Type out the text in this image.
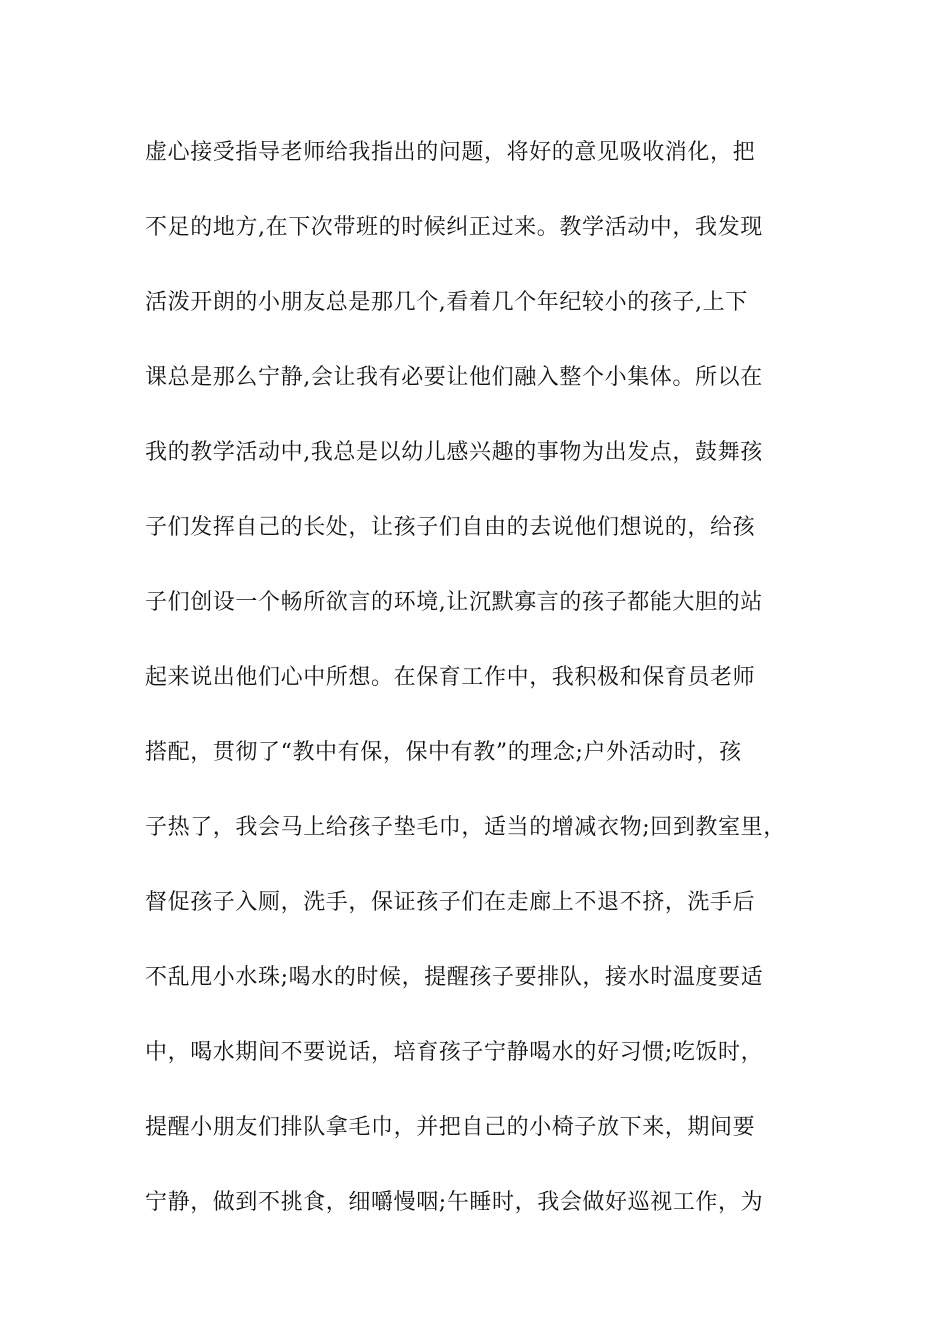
虚心接受指导老师给我指出的问题，将好的意见吸收消化，把
不足的地方,在下次带班的时候纠正过来。教学活动中，我发现
活泼开朗的小朋友总是那几个,看着几个年纪较小的孩子,上下
课总是那么宁静,会让我有必要让他们融入整个小集体。所以在
我的教学活动中,我总是以幼儿感兴趣的事物为出发点，鼓舞孩
子们发挥自己的长处，让孩子们自由的去说他们想说的，给孩
子们创设一个畅所欲言的环境,让沉默寡言的孩子都能大胆的站
起来说出他们心中所想。在保育工作中，我积极和保育员老师
搭配，贯彻了“教中有保，保中有教”的理念;户外活动时，孩
子热了，我会马上给孩子垫毛巾，适当的增减衣物;回到教室里，
督促孩子入厕，洗手，保证孩子们在走廊上不退不挤，洗手后
不乱甩小水珠;喝水的时候，提醒孩子要排队，接水时温度要适
中，喝水期间不要说话，培育孩子宁静喝水的好习惯;吃饭时，
提醒小朋友们排队拿毛巾，并把自己的小椅子放下来，期间要
宁静，做到不挑食，细嚼慢咽;午睡时，我会做好巡视工作，为
